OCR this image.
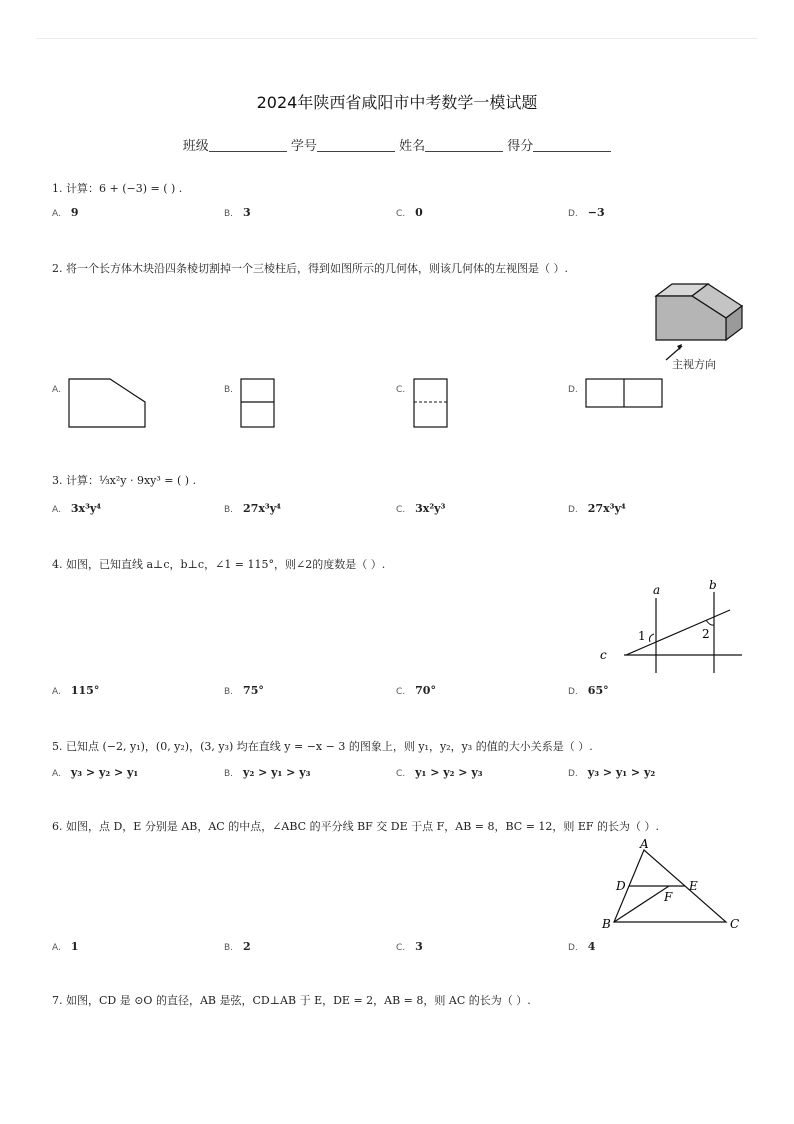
2024年陕西省咸阳市中考数学一模试题
班级	学号	姓名	得分
1. 计算：6 + (−3) = ( ) .
A. 9	B. 3	C. 0	D. −3
2. 将一个长方体木块沿四条棱切割掉一个三棱柱后，得到如图所示的几何体，则该几何体的左视图是（ ）.
主视方向
A.	B.	C.	D.
3. 计算：⅓x²y · 9xy³ = ( ) .
A. 3x³y⁴	B. 27x³y⁴	C. 3x²y³	D. 27x³y⁴
4. 如图，已知直线 a⊥c，b⊥c，∠1 = 115°，则∠2的度数是（ ）.
a	b
c
1	2
A. 115°	B. 75°	C. 70°	D. 65°
5. 已知点 (−2, y₁)，(0, y₂)，(3, y₃) 均在直线 y = −x − 3 的图象上，则 y₁，y₂，y₃ 的值的大小关系是（ ）.
A. y₃ > y₂ > y₁	B. y₂ > y₁ > y₃	C. y₁ > y₂ > y₃	D. y₃ > y₁ > y₂
6. 如图，点 D，E 分别是 AB，AC 的中点，∠ABC 的平分线 BF 交 DE 于点 F，AB = 8，BC = 12，则 EF 的长为（ ）.
A
D	E
F
B	C
A. 1	B. 2	C. 3	D. 4
7. 如图，CD 是 ⊙O 的直径，AB 是弦，CD⊥AB 于 E，DE = 2，AB = 8，则 AC 的长为（ ）.
